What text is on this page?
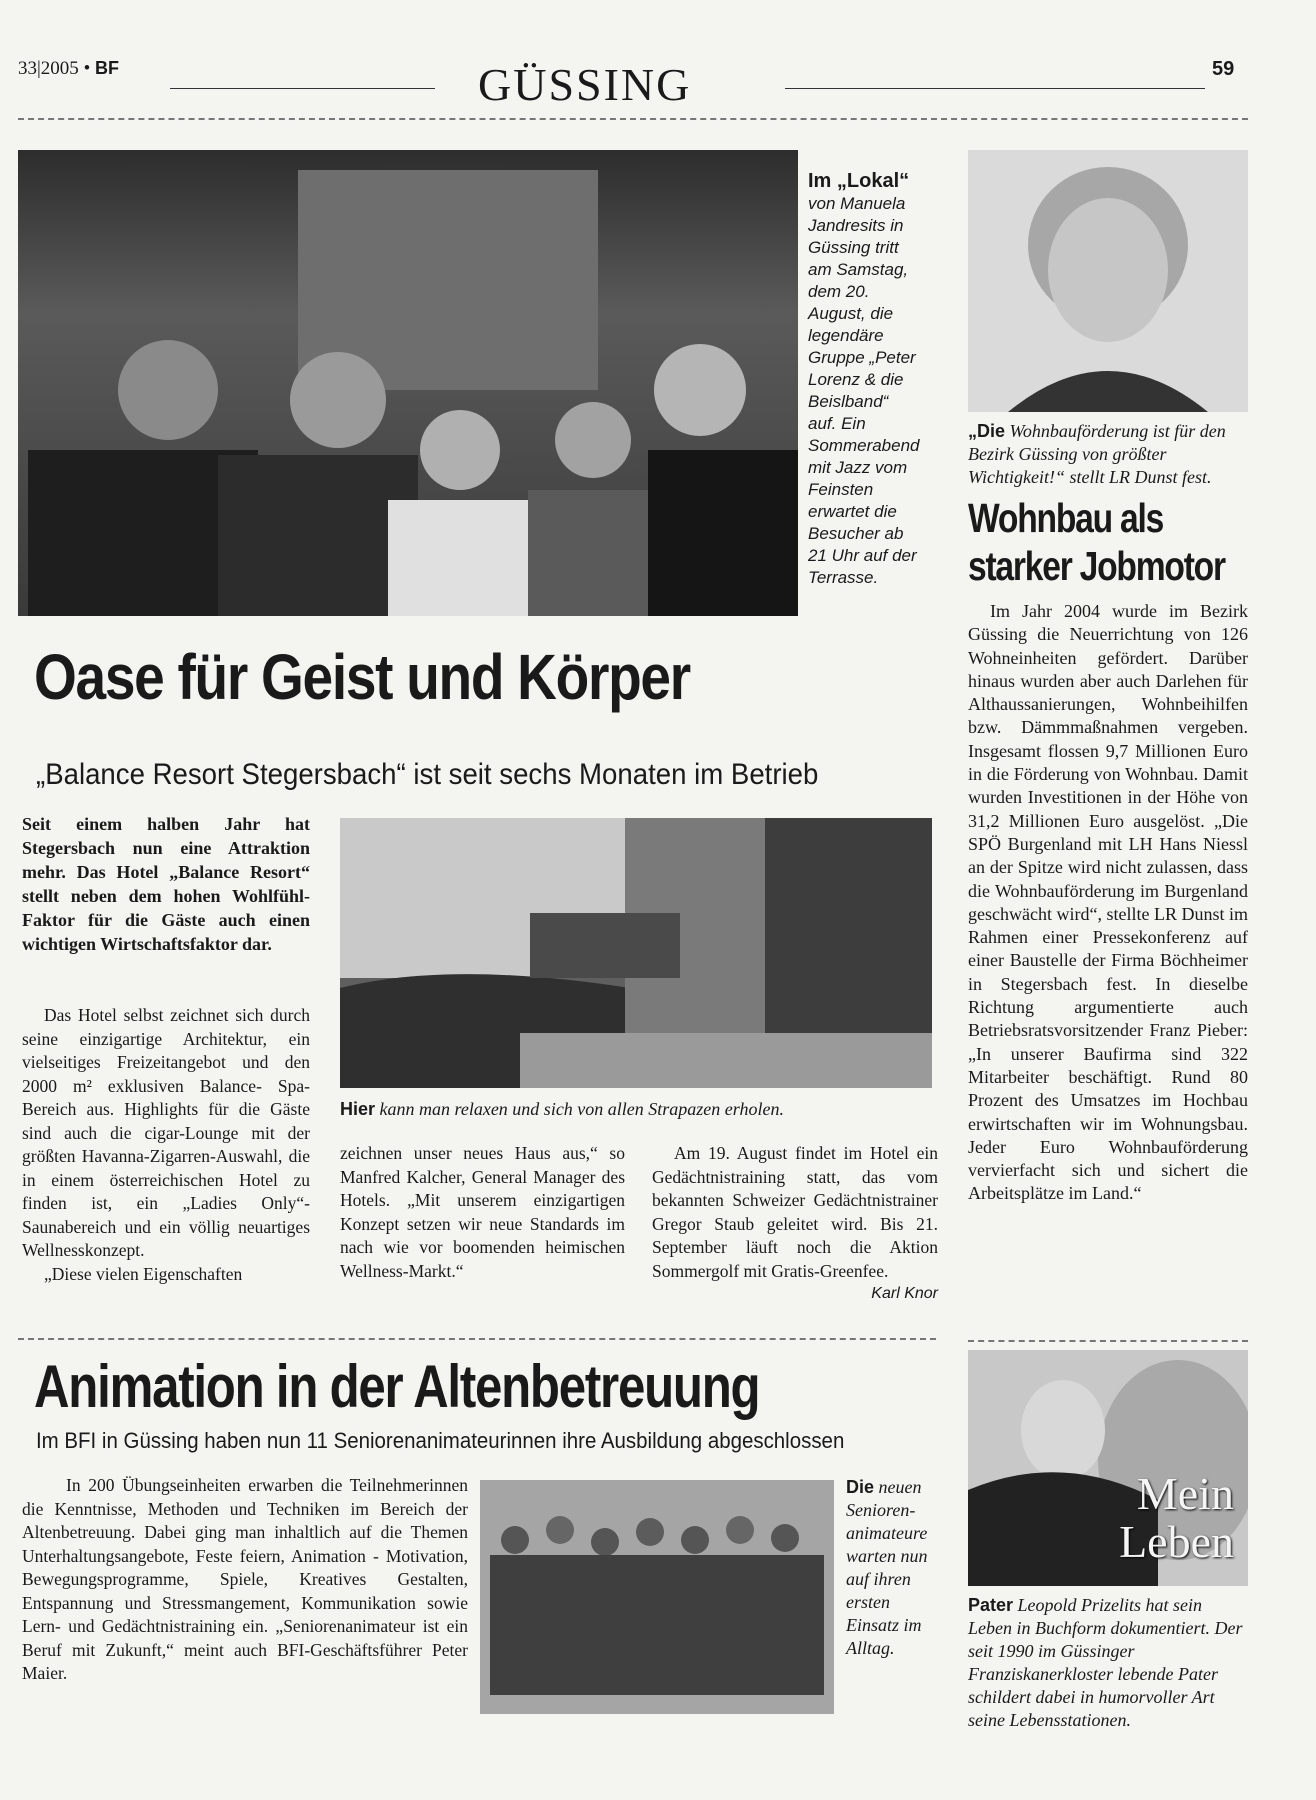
33|2005 • BF	GÜSSING	59
Im „Lokal“
von Manuela Jandresits in Güssing tritt am Samstag, dem 20. August, die legendäre Gruppe „Peter Lorenz & die Beislband“ auf. Ein Sommerabend mit Jazz vom Feinsten erwartet die Besucher ab 21 Uhr auf der Terrasse.
Oase für Geist und Körper
„Balance Resort Stegersbach“ ist seit sechs Monaten im Betrieb
Seit einem halben Jahr hat Stegersbach nun eine Attraktion mehr. Das Hotel „Balance Resort“ stellt neben dem hohen Wohlfühl-Faktor für die Gäste auch einen wichtigen Wirtschaftsfaktor dar.

Das Hotel selbst zeichnet sich durch seine einzigartige Architektur, ein vielseitiges Freizeitangebot und den 2000 m² exklusiven Balance- Spa-Bereich aus. Highlights für die Gäste sind auch die cigar-Lounge mit der größten Havanna-Zigarren-Auswahl, die in einem österreichischen Hotel zu finden ist, ein „Ladies Only“-Saunabereich und ein völlig neuartiges Wellnesskonzept.

„Diese vielen Eigenschaften

Hier kann man relaxen und sich von allen Strapazen erholen.
zeichnen unser neues Haus aus,“ so Manfred Kalcher, General Manager des Hotels. „Mit unserem einzigartigen Konzept setzen wir neue Standards im nach wie vor boomenden heimischen Wellness-Markt.“

Am 19. August findet im Hotel ein Gedächtnistraining statt, das vom bekannten Schweizer Gedächtnistrainer Gregor Staub geleitet wird. Bis 21. September läuft noch die Aktion Sommergolf mit Gratis-Greenfee.
Karl Knor

„Die Wohnbauförderung ist für den Bezirk Güssing von größter Wichtigkeit!“ stellt LR Dunst fest.
Wohnbau als starker Jobmotor
Im Jahr 2004 wurde im Bezirk Güssing die Neuerrichtung von 126 Wohneinheiten gefördert. Darüber hinaus wurden aber auch Darlehen für Althaussanierungen, Wohnbeihilfen bzw. Dämmmaßnahmen vergeben. Insgesamt flossen 9,7 Millionen Euro in die Förderung von Wohnbau. Damit wurden Investitionen in der Höhe von 31,2 Millionen Euro ausgelöst. „Die SPÖ Burgenland mit LH Hans Niessl an der Spitze wird nicht zulassen, dass die Wohnbauförderung im Burgenland geschwächt wird“, stellte LR Dunst im Rahmen einer Pressekonferenz auf einer Baustelle der Firma Böchheimer in Stegersbach fest. In dieselbe Richtung argumentierte auch Betriebsratsvorsitzender Franz Pieber: „In unserer Baufirma sind 322 Mitarbeiter beschäftigt. Rund 80 Prozent des Umsatzes im Hochbau erwirtschaften wir im Wohnungsbau. Jeder Euro Wohnbauförderung vervierfacht sich und sichert die Arbeitsplätze im Land.“
Animation in der Altenbetreuung
Im BFI in Güssing haben nun 11 Seniorenanimateurinnen ihre Ausbildung abgeschlossen
In 200 Übungseinheiten erwarben die Teilnehmerinnen die Kenntnisse, Methoden und Techniken im Bereich der Altenbetreuung. Dabei ging man inhaltlich auf die Themen Unterhaltungsangebote, Feste feiern, Animation - Motivation, Bewegungsprogramme, Spiele, Kreatives Gestalten, Entspannung und Stressmangement, Kommunikation sowie Lern- und Gedächtnistraining ein. „Seniorenanimateur ist ein Beruf mit Zukunft,“ meint auch BFI-Geschäftsführer Peter Maier.
Die neuen Seniorenanimateure warten nun auf ihren ersten Einsatz im Alltag.
Mein
Leben
Pater Leopold Prizelits hat sein Leben in Buchform dokumentiert. Der seit 1990 im Güssinger Franziskanerkloster lebende Pater schildert dabei in humorvoller Art seine Lebensstationen.
